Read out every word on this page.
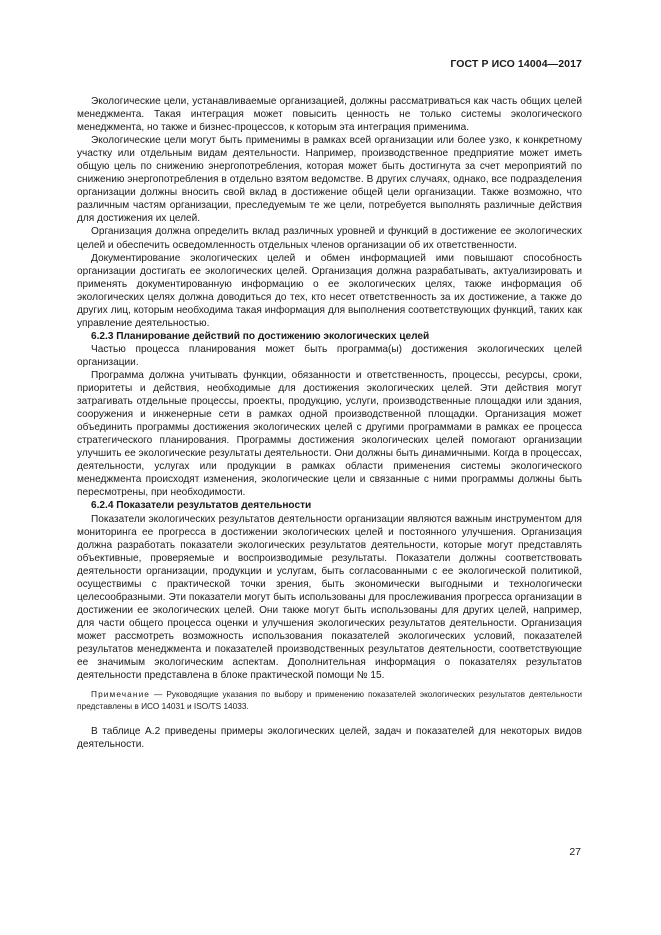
ГОСТ Р ИСО 14004—2017

Экологические цели, устанавливаемые организацией, должны рассматриваться как часть общих целей менеджмента. Такая интеграция может повысить ценность не только системы экологического менеджмента, но также и бизнес-процессов, к которым эта интеграция применима.

Экологические цели могут быть применимы в рамках всей организации или более узко, к конкретному участку или отдельным видам деятельности. Например, производственное предприятие может иметь общую цель по снижению энергопотребления, которая может быть достигнута за счет мероприятий по снижению энергопотребления в отдельно взятом ведомстве. В других случаях, однако, все подразделения организации должны вносить свой вклад в достижение общей цели организации. Также возможно, что различным частям организации, преследуемым те же цели, потребуется выполнять различные действия для достижения их целей.

Организация должна определить вклад различных уровней и функций в достижение ее экологических целей и обеспечить осведомленность отдельных членов организации об их ответственности.

Документирование экологических целей и обмен информацией ими повышают способность организации достигать ее экологических целей. Организация должна разрабатывать, актуализировать и применять документированную информацию о ее экологических целях, также информация об экологических целях должна доводиться до тех, кто несет ответственность за их достижение, а также до других лиц, которым необходима такая информация для выполнения соответствующих функций, таких как управление деятельностью.

6.2.3 Планирование действий по достижению экологических целей

Частью процесса планирования может быть программа(ы) достижения экологических целей организации.

Программа должна учитывать функции, обязанности и ответственность, процессы, ресурсы, сроки, приоритеты и действия, необходимые для достижения экологических целей. Эти действия могут затрагивать отдельные процессы, проекты, продукцию, услуги, производственные площадки или здания, сооружения и инженерные сети в рамках одной производственной площадки. Организация может объединить программы достижения экологических целей с другими программами в рамках ее процесса стратегического планирования. Программы достижения экологических целей помогают организации улучшить ее экологические результаты деятельности. Они должны быть динамичными. Когда в процессах, деятельности, услугах или продукции в рамках области применения системы экологического менеджмента происходят изменения, экологические цели и связанные с ними программы должны быть пересмотрены, при необходимости.

6.2.4 Показатели результатов деятельности

Показатели экологических результатов деятельности организации являются важным инструментом для мониторинга ее прогресса в достижении экологических целей и постоянного улучшения. Организация должна разработать показатели экологических результатов деятельности, которые могут представлять объективные, проверяемые и воспроизводимые результаты. Показатели должны соответствовать деятельности организации, продукции и услугам, быть согласованными с ее экологической политикой, осуществимы с практической точки зрения, быть экономически выгодными и технологически целесообразными. Эти показатели могут быть использованы для прослеживания прогресса организации в достижении ее экологических целей. Они также могут быть использованы для других целей, например, для части общего процесса оценки и улучшения экологических результатов деятельности. Организация может рассмотреть возможность использования показателей экологических условий, показателей результатов менеджмента и показателей производственных результатов деятельности, соответствующие ее значимым экологическим аспектам. Дополнительная информация о показателях результатов деятельности представлена в блоке практической помощи № 15.

Примечание — Руководящие указания по выбору и применению показателей экологических результатов деятельности представлены в ИСО 14031 и ISO/TS 14033.

В таблице А.2 приведены примеры экологических целей, задач и показателей для некоторых видов деятельности.

27
